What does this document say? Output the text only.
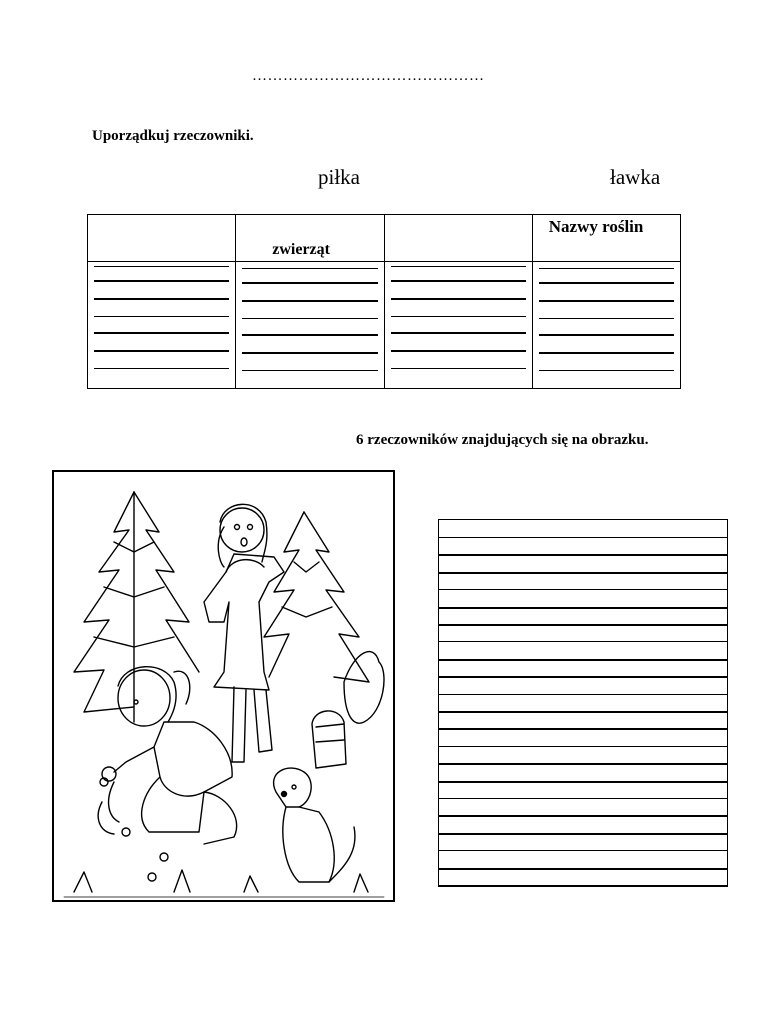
………………………………………
Uporządkuj rzeczowniki.
piłka	ławka
zwierząt
Nazwy roślin
6 rzeczowników znajdujących się na obrazku.
